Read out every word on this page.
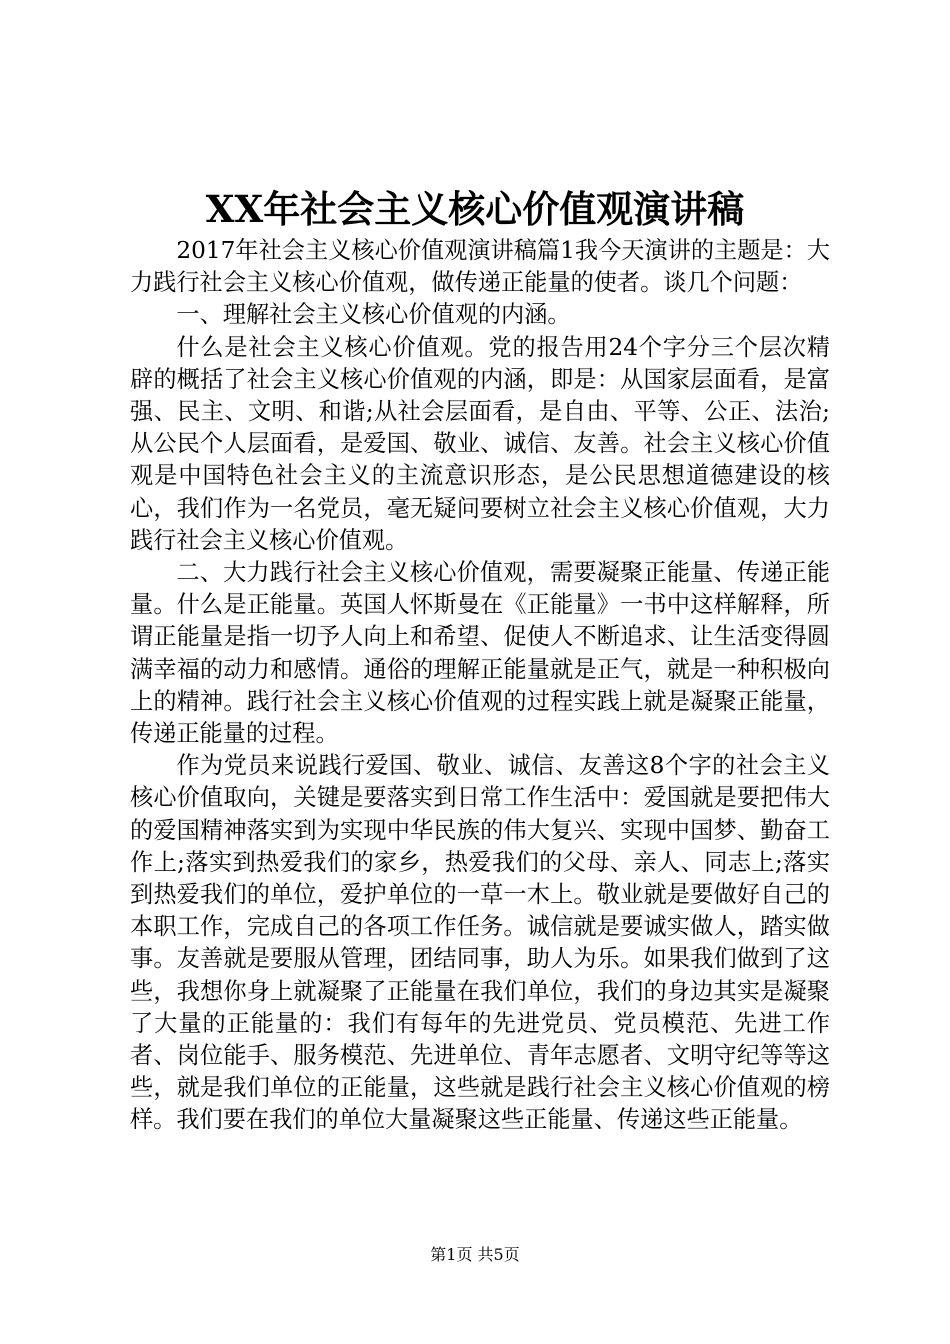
XX年社会主义核心价值观演讲稿

2017年社会主义核心价值观演讲稿篇1我今天演讲的主题是：大力践行社会主义核心价值观，做传递正能量的使者。谈几个问题：

一、理解社会主义核心价值观的内涵。

什么是社会主义核心价值观。党的报告用24个字分三个层次精辟的概括了社会主义核心价值观的内涵，即是：从国家层面看，是富强、民主、文明、和谐;从社会层面看，是自由、平等、公正、法治;从公民个人层面看，是爱国、敬业、诚信、友善。社会主义核心价值观是中国特色社会主义的主流意识形态，是公民思想道德建设的核心，我们作为一名党员，毫无疑问要树立社会主义核心价值观，大力践行社会主义核心价值观。

二、大力践行社会主义核心价值观，需要凝聚正能量、传递正能量。什么是正能量。英国人怀斯曼在《正能量》一书中这样解释，所谓正能量是指一切予人向上和希望、促使人不断追求、让生活变得圆满幸福的动力和感情。通俗的理解正能量就是正气，就是一种积极向上的精神。践行社会主义核心价值观的过程实践上就是凝聚正能量，传递正能量的过程。

作为党员来说践行爱国、敬业、诚信、友善这8个字的社会主义核心价值取向，关键是要落实到日常工作生活中：爱国就是要把伟大的爱国精神落实到为实现中华民族的伟大复兴、实现中国梦、勤奋工作上;落实到热爱我们的家乡，热爱我们的父母、亲人、同志上;落实到热爱我们的单位，爱护单位的一草一木上。敬业就是要做好自己的本职工作，完成自己的各项工作任务。诚信就是要诚实做人，踏实做事。友善就是要服从管理，团结同事，助人为乐。如果我们做到了这些，我想你身上就凝聚了正能量在我们单位，我们的身边其实是凝聚了大量的正能量的：我们有每年的先进党员、党员模范、先进工作者、岗位能手、服务模范、先进单位、青年志愿者、文明守纪等等这些，就是我们单位的正能量，这些就是践行社会主义核心价值观的榜样。我们要在我们的单位大量凝聚这些正能量、传递这些正能量。

第1页 共5页
